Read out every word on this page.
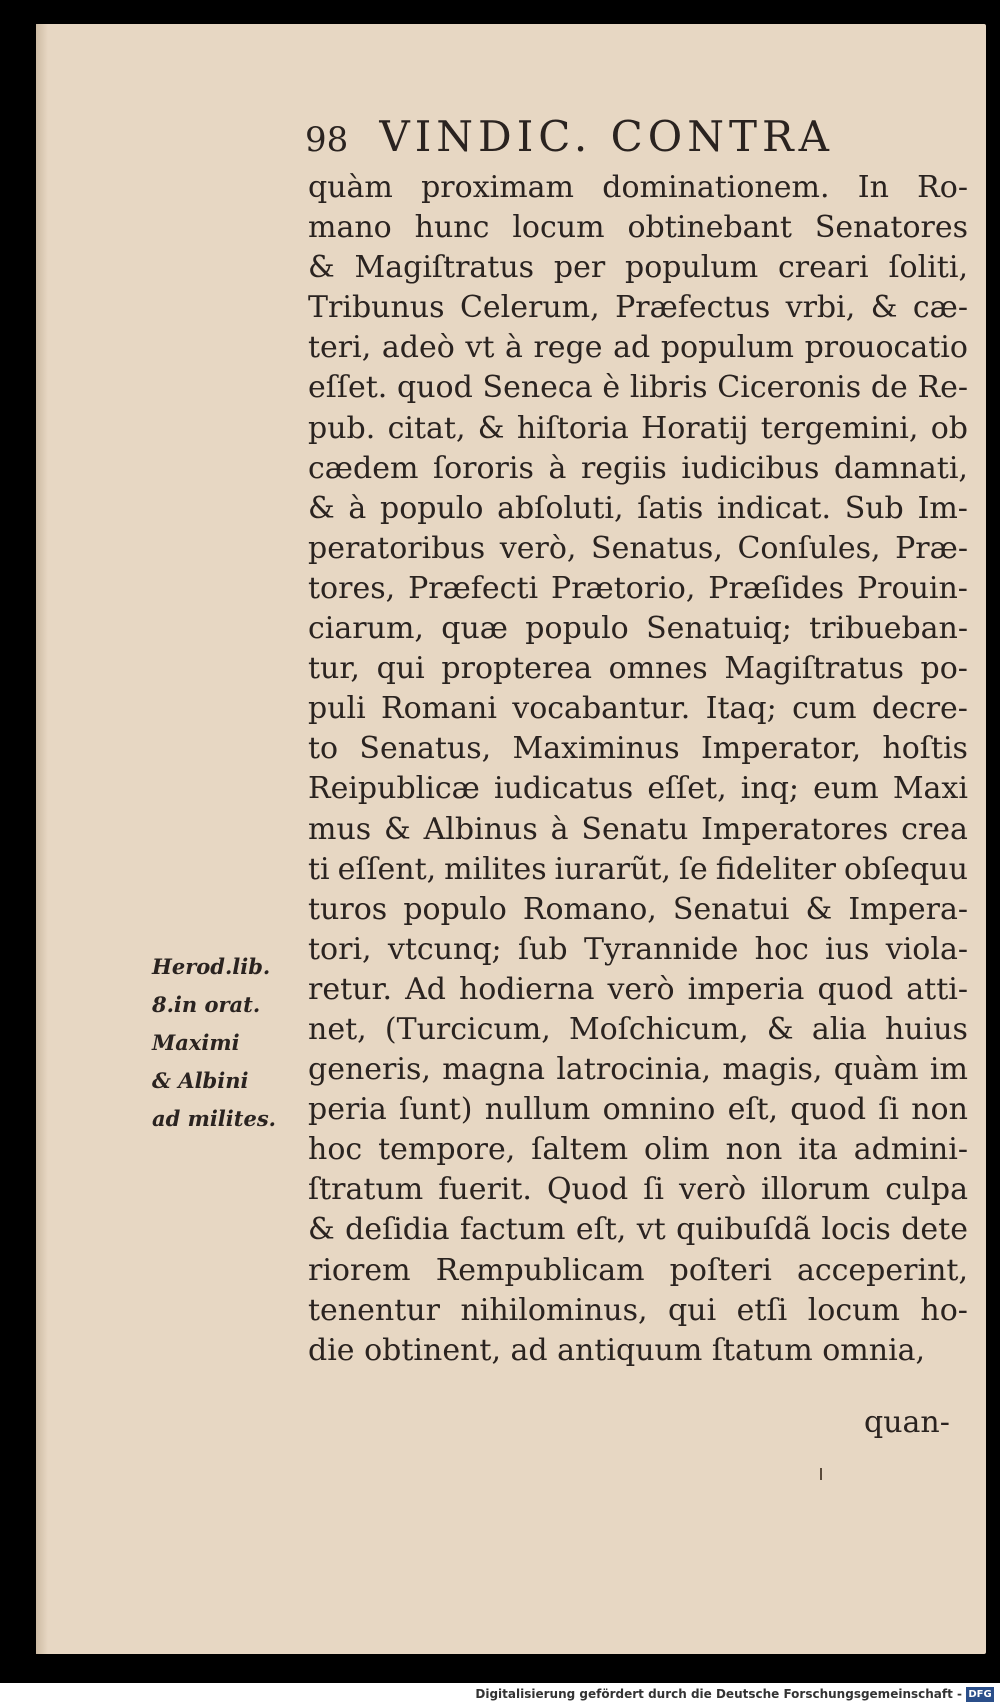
98 VINDIC. CONTRA
quàm proximam dominationem. In Ro-
mano hunc locum obtinebant Senatores
& Magiſtratus per populum creari ſoliti,
Tribunus Celerum, Præfectus vrbi, & cæ-
teri, adeò vt à rege ad populum prouocatio
eſſet. quod Seneca è libris Ciceronis de Re-
pub. citat, & hiſtoria Horatij tergemini, ob
cædem ſororis à regiis iudicibus damnati,
& à populo abſoluti, ſatis indicat. Sub Im-
peratoribus verò, Senatus, Conſules, Præ-
tores, Præfecti Prætorio, Præſides Prouin-
ciarum, quæ populo Senatuiq; tribueban-
tur, qui propterea omnes Magiſtratus po-
puli Romani vocabantur. Itaq; cum decre-
to Senatus, Maximinus Imperator, hoſtis
Reipublicæ iudicatus eſſet, inq; eum Maxi
mus & Albinus à Senatu Imperatores crea
ti eſſent, milites iurarũt, ſe fideliter obſequu
turos populo Romano, Senatui & Impera-
tori, vtcunq; ſub Tyrannide hoc ius viola-
retur. Ad hodierna verò imperia quod atti-
net, (Turcicum, Moſchicum, & alia huius
generis, magna latrocinia, magis, quàm im
peria ſunt) nullum omnino eſt, quod ſi non
hoc tempore, ſaltem olim non ita admini-
ſtratum fuerit. Quod ſi verò illorum culpa
& deſidia factum eſt, vt quibuſdã locis dete
riorem Rempublicam poſteri acceperint,
tenentur nihilominus, qui etſi locum ho-
die obtinent, ad antiquum ſtatum omnia,
quan-
Herod.lib.
8.in orat.
Maximi
& Albini
ad milites.
Digitalisierung gefördert durch die Deutsche Forschungsgemeinschaft - DFG
